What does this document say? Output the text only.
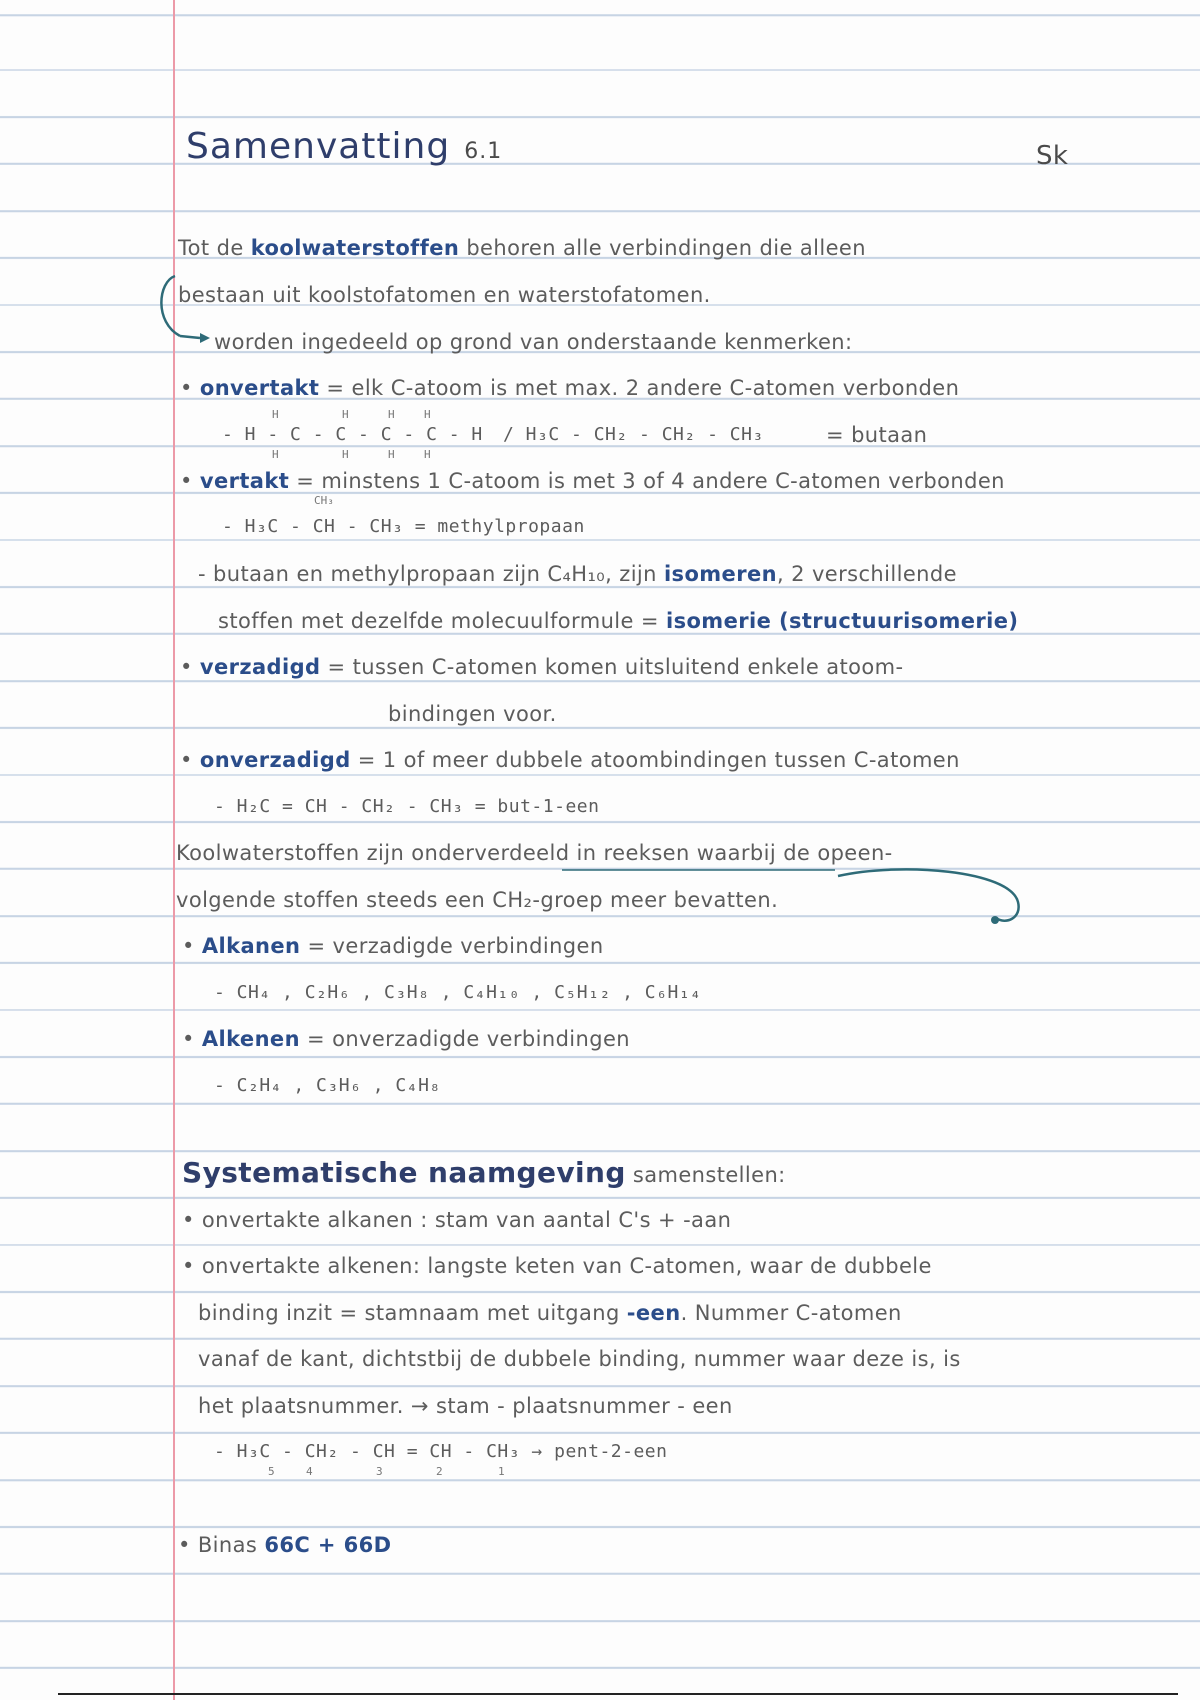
Samenvatting 6.1	Sk
Tot de koolwaterstoffen behoren alle verbindingen die alleen
bestaan uit koolstofatomen en waterstofatomen.
worden ingedeeld op grond van onderstaande kenmerken:
• onvertakt = elk C-atoom is met max. 2 andere C-atomen verbonden
H	H	H	H
- H - C - C - C - C - H
H	H	H	H
/ H₃C - CH₂ - CH₂ - CH₃	= butaan
• vertakt = minstens 1 C-atoom is met 3 of 4 andere C-atomen verbonden
CH₃
- H₃C - CH - CH₃ = methylpropaan
- butaan en methylpropaan zijn C₄H₁₀, zijn isomeren, 2 verschillende
stoffen met dezelfde molecuulformule = isomerie (structuurisomerie)
• verzadigd = tussen C-atomen komen uitsluitend enkele atoom-
bindingen voor.
• onverzadigd = 1 of meer dubbele atoombindingen tussen C-atomen
- H₂C = CH - CH₂ - CH₃ = but-1-een
Koolwaterstoffen zijn onderverdeeld in reeksen waarbij de opeen-
volgende stoffen steeds een CH₂-groep meer bevatten.
• Alkanen = verzadigde verbindingen
- CH₄ , C₂H₆ , C₃H₈ , C₄H₁₀ , C₅H₁₂ , C₆H₁₄
• Alkenen = onverzadigde verbindingen
- C₂H₄ , C₃H₆ , C₄H₈
Systematische naamgeving samenstellen:
• onvertakte alkanen : stam van aantal C's + -aan
• onvertakte alkenen: langste keten van C-atomen, waar de dubbele
binding inzit = stamnaam met uitgang -een. Nummer C-atomen
vanaf de kant, dichtstbij de dubbele binding, nummer waar deze is, is
het plaatsnummer. → stam - plaatsnummer - een
- H₃C - CH₂ - CH = CH - CH₃ → pent-2-een
5	4	3	2	1
• Binas 66C + 66D
